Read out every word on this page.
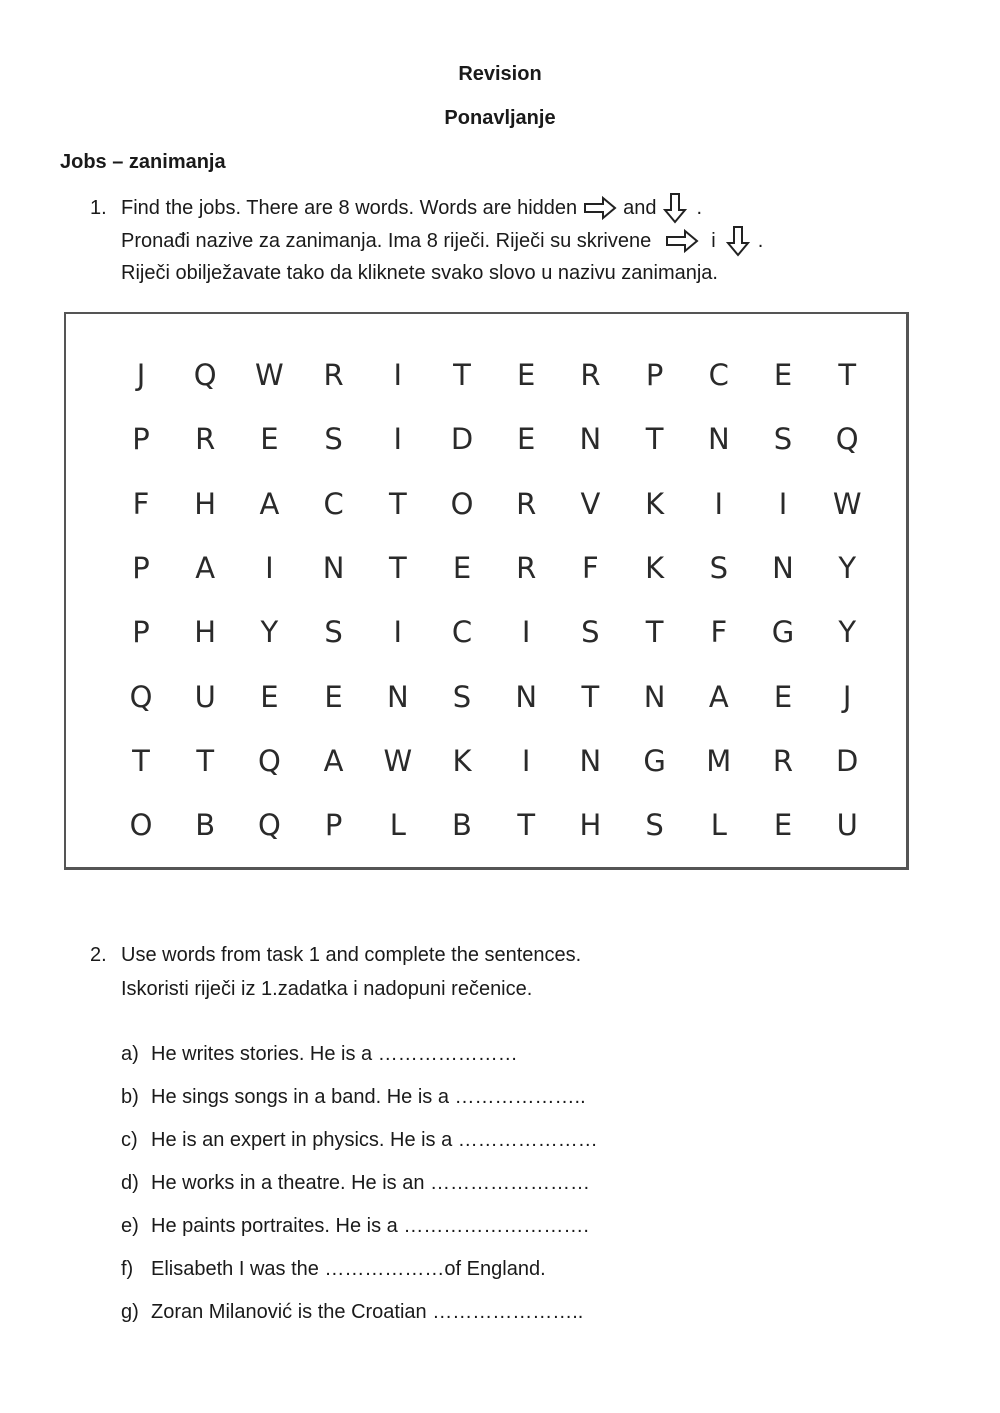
Revision
Ponavljanje
Jobs – zanimanja
1. Find the jobs. There are 8 words. Words are hidden and .
Pronađi nazive za zanimanja. Ima 8 riječi. Riječi su skrivene	i .
Riječi obilježavate tako da kliknete svako slovo u nazivu zanimanja.
J	Q W	R	I	T	E	R	P	C	E	T
P	R	E	S	I	D	E	N	T	N	S	Q
F	H	A	C	T	O	R	V	K	I	I	W
P	A	I	N	T	E	R	F	K	S	N	Y
P	H	Y	S	I	C	I	S	T	F	G	Y
Q	U	E	E	N	S	N	T	N	A	E	J
T	T	Q	A	W	K	I	N	G	M	R	D
O	B	Q	P	L	B	T	H	S	L	E	U
2. Use words from task 1 and complete the sentences.
Iskoristi riječi iz 1.zadatka i nadopuni rečenice.
a) He writes stories. He is a …………………
b) He sings songs in a band. He is a ………………..
c) He is an expert in physics. He is a …………………
d) He works in a theatre. He is an ……………………
e) He paints portraites. He is a ……………………….
f) Elisabeth I was the ………………of England.
g) Zoran Milanović is the Croatian …………………..
